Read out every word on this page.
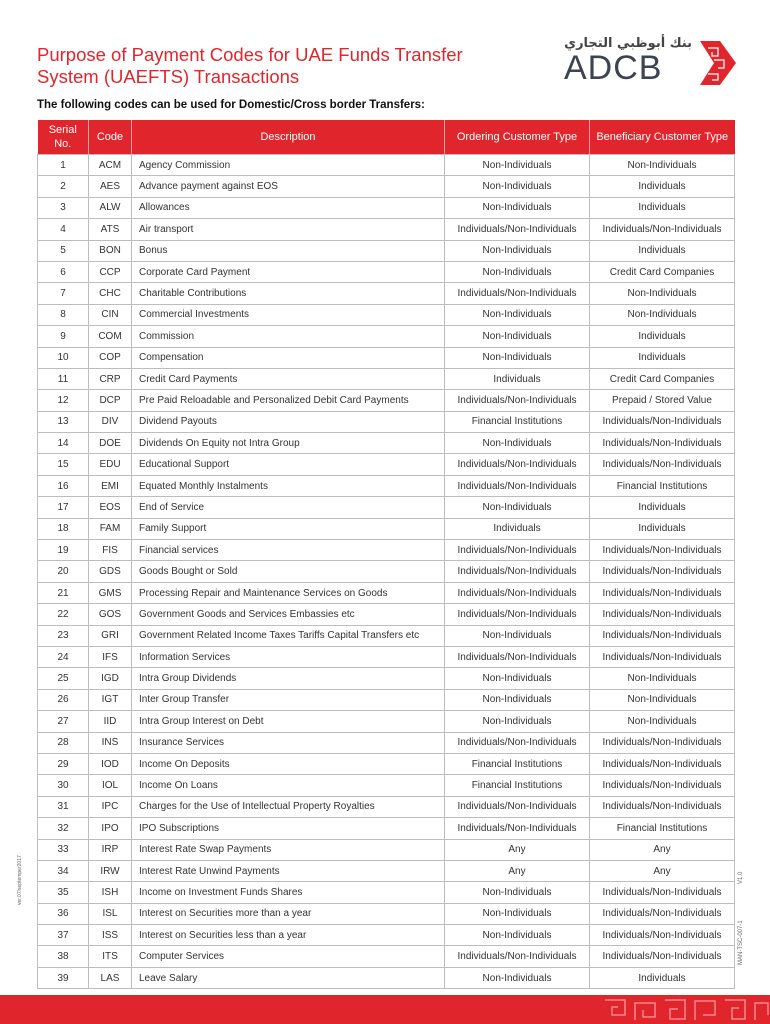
Purpose of Payment Codes for UAE Funds Transfer System (UAEFTS) Transactions
بنك أبوظبي التجاري
ADCB

The following codes can be used for Domestic/Cross border Transfers:

Serial No.	Code	Description	Ordering Customer Type	Beneficiary Customer Type
1	ACM	Agency Commission	Non-Individuals	Non-Individuals
2	AES	Advance payment against EOS	Non-Individuals	Individuals
3	ALW	Allowances	Non-Individuals	Individuals
4	ATS	Air transport	Individuals/Non-Individuals	Individuals/Non-Individuals
5	BON	Bonus	Non-Individuals	Individuals
6	CCP	Corporate Card Payment	Non-Individuals	Credit Card Companies
7	CHC	Charitable Contributions	Individuals/Non-Individuals	Non-Individuals
8	CIN	Commercial Investments	Non-Individuals	Non-Individuals
9	COM	Commission	Non-Individuals	Individuals
10	COP	Compensation	Non-Individuals	Individuals
11	CRP	Credit Card Payments	Individuals	Credit Card Companies
12	DCP	Pre Paid Reloadable and Personalized Debit Card Payments	Individuals/Non-Individuals	Prepaid / Stored Value
13	DIV	Dividend Payouts	Financial Institutions	Individuals/Non-Individuals
14	DOE	Dividends On Equity not Intra Group	Non-Individuals	Individuals/Non-Individuals
15	EDU	Educational Support	Individuals/Non-Individuals	Individuals/Non-Individuals
16	EMI	Equated Monthly Instalments	Individuals/Non-Individuals	Financial Institutions
17	EOS	End of Service	Non-Individuals	Individuals
18	FAM	Family Support	Individuals	Individuals
19	FIS	Financial services	Individuals/Non-Individuals	Individuals/Non-Individuals
20	GDS	Goods Bought or Sold	Individuals/Non-Individuals	Individuals/Non-Individuals
21	GMS	Processing Repair and Maintenance Services on Goods	Individuals/Non-Individuals	Individuals/Non-Individuals
22	GOS	Government Goods and Services Embassies etc	Individuals/Non-Individuals	Individuals/Non-Individuals
23	GRI	Government Related Income Taxes Tariffs Capital Transfers etc	Non-Individuals	Individuals/Non-Individuals
24	IFS	Information Services	Individuals/Non-Individuals	Individuals/Non-Individuals
25	IGD	Intra Group Dividends	Non-Individuals	Non-Individuals
26	IGT	Inter Group Transfer	Non-Individuals	Non-Individuals
27	IID	Intra Group Interest on Debt	Non-Individuals	Non-Individuals
28	INS	Insurance Services	Individuals/Non-Individuals	Individuals/Non-Individuals
29	IOD	Income On Deposits	Financial Institutions	Individuals/Non-Individuals
30	IOL	Income On Loans	Financial Institutions	Individuals/Non-Individuals
31	IPC	Charges for the Use of Intellectual Property Royalties	Individuals/Non-Individuals	Individuals/Non-Individuals
32	IPO	IPO Subscriptions	Individuals/Non-Individuals	Financial Institutions
33	IRP	Interest Rate Swap Payments	Any	Any
34	IRW	Interest Rate Unwind Payments	Any	Any
35	ISH	Income on Investment Funds Shares	Non-Individuals	Individuals/Non-Individuals
36	ISL	Interest on Securities more than a year	Non-Individuals	Individuals/Non-Individuals
37	ISS	Interest on Securities less than a year	Non-Individuals	Individuals/Non-Individuals
38	ITS	Computer Services	Individuals/Non-Individuals	Individuals/Non-Individuals
39	LAS	Leave Salary	Non-Individuals	Individuals
ver.07/septemper2017	V1.0
MAN-TSC-007-1
